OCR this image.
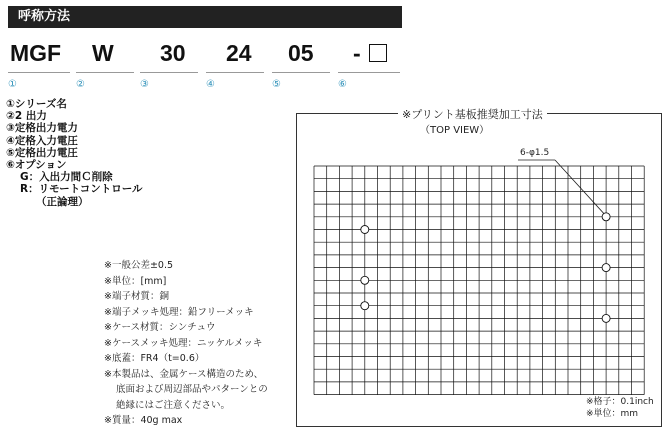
呼称方法
MGF W 30 24 05 -
①	②	③	④	⑤	⑥
①シリーズ名
②2 出力
③定格出力電力
④定格入力電圧
⑤定格出力電圧
⑥オプション
G：入出力間Ｃ削除
R：リモートコントロール
（正論理）
※一般公差±0.5
※単位：[mm]
※端子材質：銅
※端子メッキ処理：鉛フリーメッキ
※ケース材質：シンチュウ
※ケースメッキ処理：ニッケルメッキ
※底蓋：FR4（t=0.6）
※本製品は、金属ケース構造のため、
底面および周辺部品やパターンとの
絶縁にはご注意ください。
※質量：40g max
※プリント基板推奨加工寸法
（TOP VIEW）
6-φ1.5
※格子：0.1inch
※単位：mm
